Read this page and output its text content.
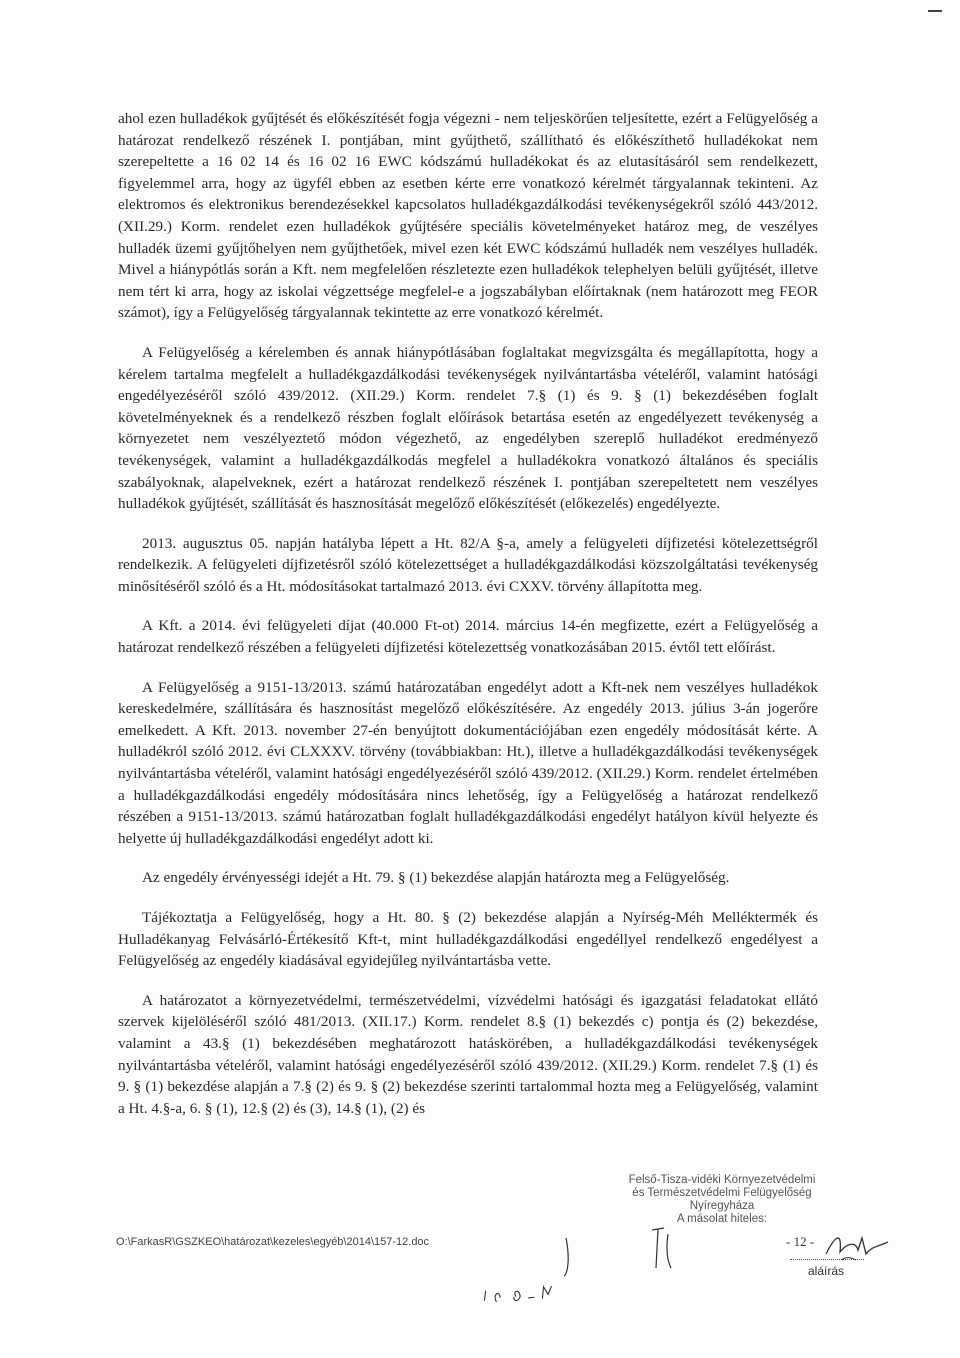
ahol ezen hulladékok gyűjtését és előkészítését fogja végezni - nem teljeskörűen teljesítette, ezért a Felügyelőség a határozat rendelkező részének I. pontjában, mint gyűjthető, szállítható és előkészíthető hulladékokat nem szerepeltette a 16 02 14 és 16 02 16 EWC kódszámú hulladékokat és az elutasításáról sem rendelkezett, figyelemmel arra, hogy az ügyfél ebben az esetben kérte erre vonatkozó kérelmét tárgyalannak tekinteni. Az elektromos és elektronikus berendezésekkel kapcsolatos hulladékgazdálkodási tevékenységekről szóló 443/2012. (XII.29.) Korm. rendelet ezen hulladékok gyűjtésére speciális követelményeket határoz meg, de veszélyes hulladék üzemi gyűjtőhelyen nem gyűjthetőek, mivel ezen két EWC kódszámú hulladék nem veszélyes hulladék. Mivel a hiánypótlás során a Kft. nem megfelelően részletezte ezen hulladékok telephelyen belüli gyűjtését, illetve nem tért ki arra, hogy az iskolai végzettsége megfelel-e a jogszabályban előírtaknak (nem határozott meg FEOR számot), így a Felügyelőség tárgyalannak tekintette az erre vonatkozó kérelmét.

A Felügyelőség a kérelemben és annak hiánypótlásában foglaltakat megvizsgálta és megállapította, hogy a kérelem tartalma megfelelt a hulladékgazdálkodási tevékenységek nyilvántartásba vételéről, valamint hatósági engedélyezéséről szóló 439/2012. (XII.29.) Korm. rendelet 7.§ (1) és 9. § (1) bekezdésében foglalt követelményeknek és a rendelkező részben foglalt előírások betartása esetén az engedélyezett tevékenység a környezetet nem veszélyeztető módon végezhető, az engedélyben szereplő hulladékot eredményező tevékenységek, valamint a hulladékgazdálkodás megfelel a hulladékokra vonatkozó általános és speciális szabályoknak, alapelveknek, ezért a határozat rendelkező részének I. pontjában szerepeltetett nem veszélyes hulladékok gyűjtését, szállítását és hasznosítását megelőző előkészítését (előkezelés) engedélyezte.

2013. augusztus 05. napján hatályba lépett a Ht. 82/A §-a, amely a felügyeleti díjfizetési kötelezettségről rendelkezik. A felügyeleti díjfizetésről szóló kötelezettséget a hulladékgazdálkodási közszolgáltatási tevékenység minősítéséről szóló és a Ht. módosításokat tartalmazó 2013. évi CXXV. törvény állapította meg.

A Kft. a 2014. évi felügyeleti díjat (40.000 Ft-ot) 2014. március 14-én megfizette, ezért a Felügyelőség a határozat rendelkező részében a felügyeleti díjfizetési kötelezettség vonatkozásában 2015. évtől tett előírást.

A Felügyelőség a 9151-13/2013. számú határozatában engedélyt adott a Kft-nek nem veszélyes hulladékok kereskedelmére, szállítására és hasznosítást megelőző előkészítésére. Az engedély 2013. július 3-án jogerőre emelkedett. A Kft. 2013. november 27-én benyújtott dokumentációjában ezen engedély módosítását kérte. A hulladékról szóló 2012. évi CLXXXV. törvény (továbbiakban: Ht.), illetve a hulladékgazdálkodási tevékenységek nyilvántartásba vételéről, valamint hatósági engedélyezéséről szóló 439/2012. (XII.29.) Korm. rendelet értelmében a hulladékgazdálkodási engedély módosítására nincs lehetőség, így a Felügyelőség a határozat rendelkező részében a 9151-13/2013. számú határozatban foglalt hulladékgazdálkodási engedélyt hatályon kívül helyezte és helyette új hulladékgazdálkodási engedélyt adott ki.

Az engedély érvényességi idejét a Ht. 79. § (1) bekezdése alapján határozta meg a Felügyelőség.

Tájékoztatja a Felügyelőség, hogy a Ht. 80. § (2) bekezdése alapján a Nyírség-Méh Melléktermék és Hulladékanyag Felvásárló-Értékesítő Kft-t, mint hulladékgazdálkodási engedéllyel rendelkező engedélyest a Felügyelőség az engedély kiadásával egyidejűleg nyilvántartásba vette.

A határozatot a környezetvédelmi, természetvédelmi, vízvédelmi hatósági és igazgatási feladatokat ellátó szervek kijelöléséről szóló 481/2013. (XII.17.) Korm. rendelet 8.§ (1) bekezdés c) pontja és (2) bekezdése, valamint a 43.§ (1) bekezdésében meghatározott hatáskörében, a hulladékgazdálkodási tevékenységek nyilvántartásba vételéről, valamint hatósági engedélyezéséről szóló 439/2012. (XII.29.) Korm. rendelet 7.§ (1) és 9. § (1) bekezdése alapján a 7.§ (2) és 9. § (2) bekezdése szerinti tartalommal hozta meg a Felügyelőség, valamint a Ht. 4.§-a, 6. § (1), 12.§ (2) és (3), 14.§ (1), (2) és

Felső-Tisza-vidéki Környezetvédelmi
és Természetvédelmi Felügyelőség
Nyíregyháza
A másolat hiteles:
O:\FarkasR\GSZKEO\határozat\kezeles\egyéb\2014\157-12.doc	- 12 -
aláírás
